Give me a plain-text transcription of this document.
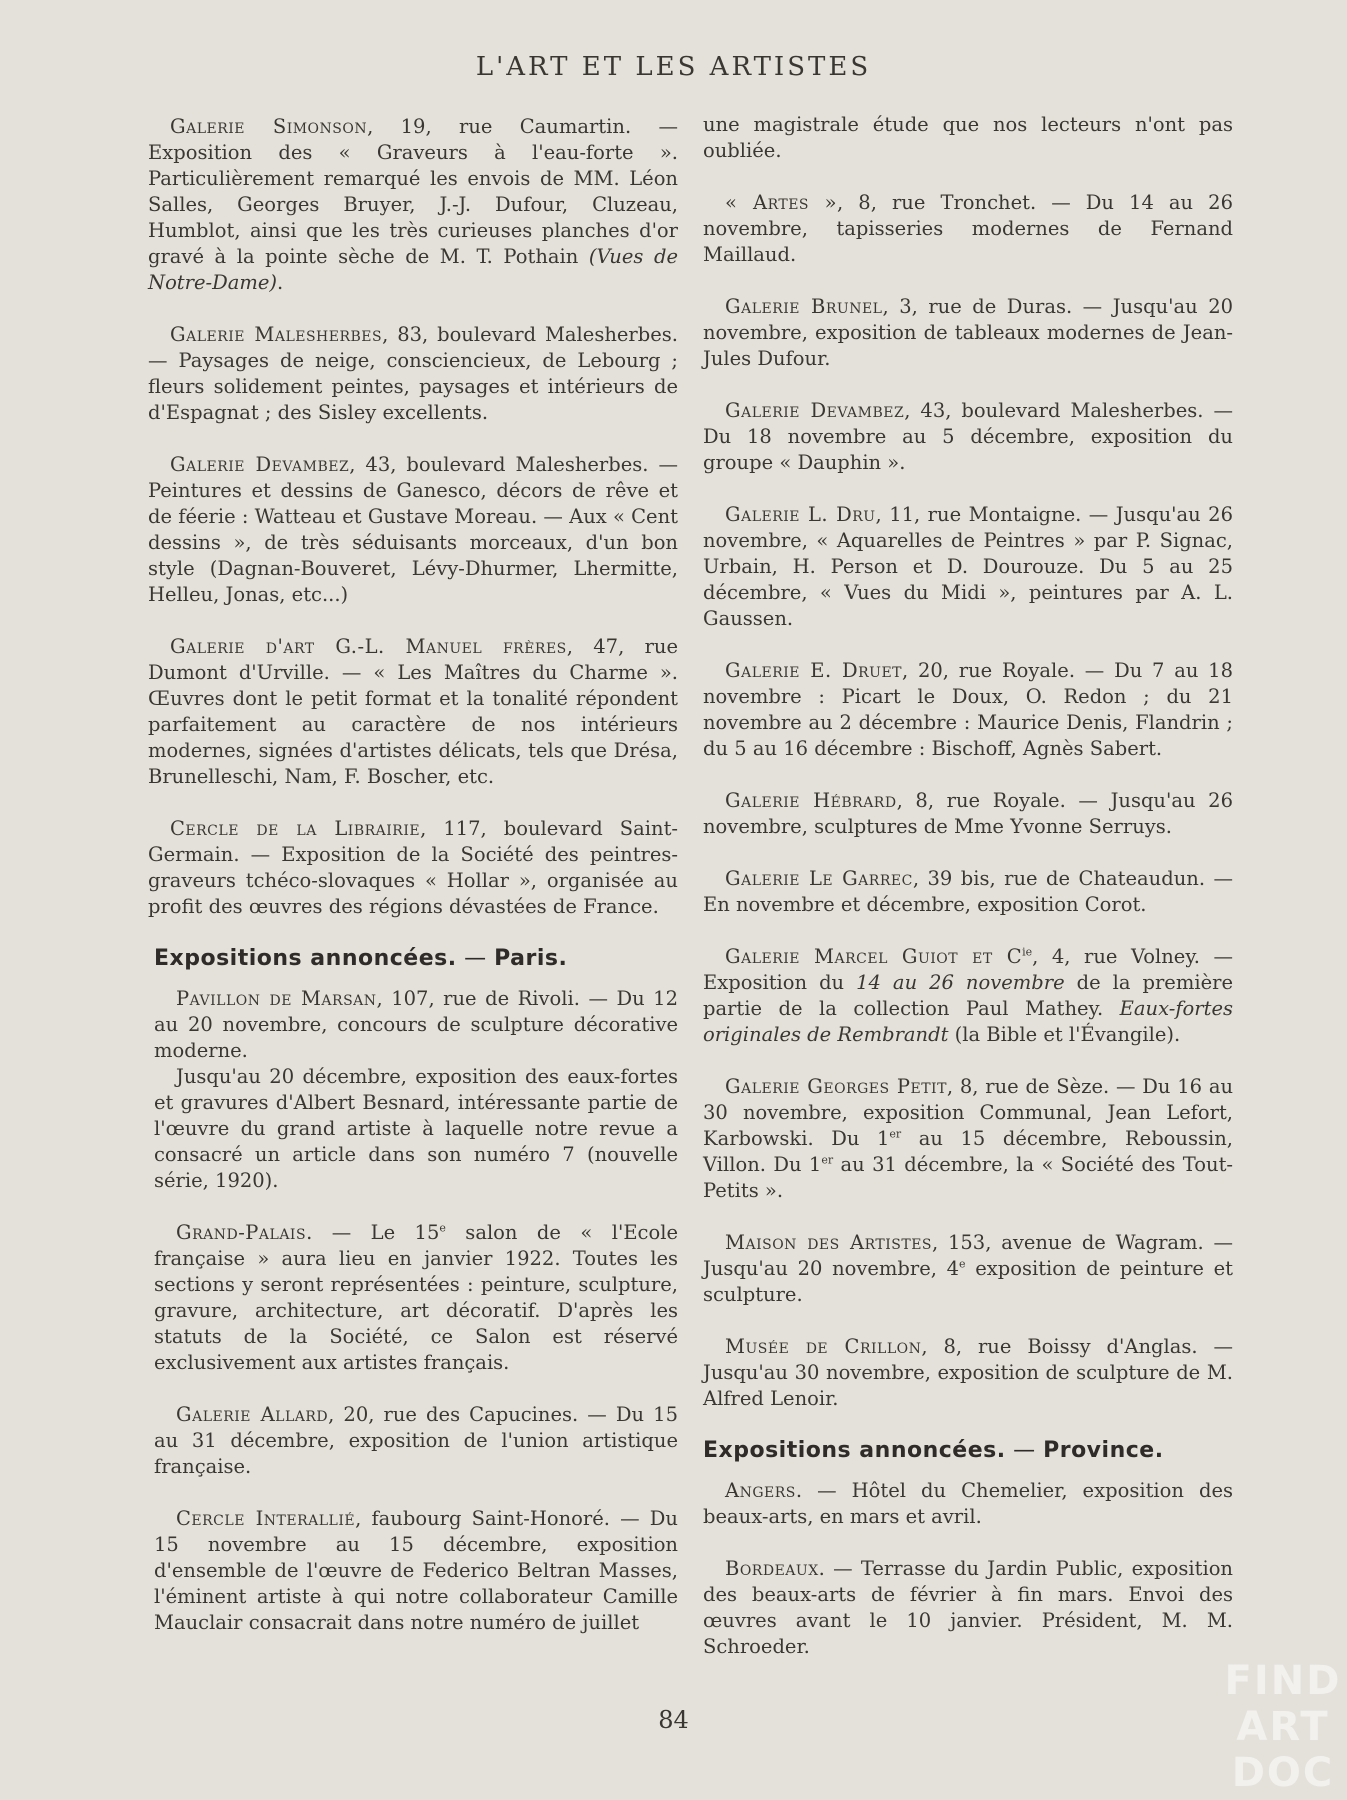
L'ART ET LES ARTISTES

Galerie Simonson, 19, rue Caumartin. — Exposition des « Graveurs à l'eau-forte ». Particulièrement remarqué les envois de MM. Léon Salles, Georges Bruyer, J.-J. Dufour, Cluzeau, Humblot, ainsi que les très curieuses planches d'or gravé à la pointe sèche de M. T. Pothain (Vues de Notre-Dame).

Galerie Malesherbes, 83, boulevard Malesherbes. — Paysages de neige, consciencieux, de Lebourg ; fleurs solidement peintes, paysages et intérieurs de d'Espagnat ; des Sisley excellents.

Galerie Devambez, 43, boulevard Malesherbes. — Peintures et dessins de Ganesco, décors de rêve et de féerie : Watteau et Gustave Moreau. — Aux « Cent dessins », de très séduisants morceaux, d'un bon style (Dagnan-Bouveret, Lévy-Dhurmer, Lhermitte, Helleu, Jonas, etc...)

Galerie d'art G.-L. Manuel frères, 47, rue Dumont d'Urville. — « Les Maîtres du Charme ». Œuvres dont le petit format et la tonalité répondent parfaitement au caractère de nos intérieurs modernes, signées d'artistes délicats, tels que Drésa, Brunelleschi, Nam, F. Boscher, etc.

Cercle de la Librairie, 117, boulevard Saint-Germain. — Exposition de la Société des peintres-graveurs tchéco-slovaques « Hollar », organisée au profit des œuvres des régions dévastées de France.

Expositions annoncées. — Paris.

Pavillon de Marsan, 107, rue de Rivoli. — Du 12 au 20 novembre, concours de sculpture décorative moderne.

Jusqu'au 20 décembre, exposition des eaux-fortes et gravures d'Albert Besnard, intéressante partie de l'œuvre du grand artiste à laquelle notre revue a consacré un article dans son numéro 7 (nouvelle série, 1920).

Grand-Palais. — Le 15e salon de « l'Ecole française » aura lieu en janvier 1922. Toutes les sections y seront représentées : peinture, sculpture, gravure, architecture, art décoratif. D'après les statuts de la Société, ce Salon est réservé exclusivement aux artistes français.

Galerie Allard, 20, rue des Capucines. — Du 15 au 31 décembre, exposition de l'union artistique française.

Cercle Interallié, faubourg Saint-Honoré. — Du 15 novembre au 15 décembre, exposition d'ensemble de l'œuvre de Federico Beltran Masses, l'éminent artiste à qui notre collaborateur Camille Mauclair consacrait dans notre numéro de juillet

une magistrale étude que nos lecteurs n'ont pas oubliée.

« Artes », 8, rue Tronchet. — Du 14 au 26 novembre, tapisseries modernes de Fernand Maillaud.

Galerie Brunel, 3, rue de Duras. — Jusqu'au 20 novembre, exposition de tableaux modernes de Jean-Jules Dufour.

Galerie Devambez, 43, boulevard Malesherbes. — Du 18 novembre au 5 décembre, exposition du groupe « Dauphin ».

Galerie L. Dru, 11, rue Montaigne. — Jusqu'au 26 novembre, « Aquarelles de Peintres » par P. Signac, Urbain, H. Person et D. Dourouze. Du 5 au 25 décembre, « Vues du Midi », peintures par A. L. Gaussen.

Galerie E. Druet, 20, rue Royale. — Du 7 au 18 novembre : Picart le Doux, O. Redon ; du 21 novembre au 2 décembre : Maurice Denis, Flandrin ; du 5 au 16 décembre : Bischoff, Agnès Sabert.

Galerie Hébrard, 8, rue Royale. — Jusqu'au 26 novembre, sculptures de Mme Yvonne Serruys.

Galerie Le Garrec, 39 bis, rue de Chateaudun. — En novembre et décembre, exposition Corot.

Galerie Marcel Guiot et $C^{ie}$, 4, rue Volney. — Exposition du 14 au 26 novembre de la première partie de la collection Paul Mathey. Eaux-fortes originales de Rembrandt (la Bible et l'Évangile).

Galerie Georges Petit, 8, rue de Sèze. — Du 16 au 30 novembre, exposition Communal, Jean Lefort, Karbowski. Du 1er au 15 décembre, Reboussin, Villon. Du 1er au 31 décembre, la « Société des Tout-Petits ».

Maison des Artistes, 153, avenue de Wagram. — Jusqu'au 20 novembre, 4e exposition de peinture et sculpture.

Musée de Crillon, 8, rue Boissy d'Anglas. — Jusqu'au 30 novembre, exposition de sculpture de M. Alfred Lenoir.

Expositions annoncées. — Province.

Angers. — Hôtel du Chemelier, exposition des beaux-arts, en mars et avril.

Bordeaux. — Terrasse du Jardin Public, exposition des beaux-arts de février à fin mars. Envoi des œuvres avant le 10 janvier. Président, M. M. Schroeder.

84
FIND
ART
DOC
